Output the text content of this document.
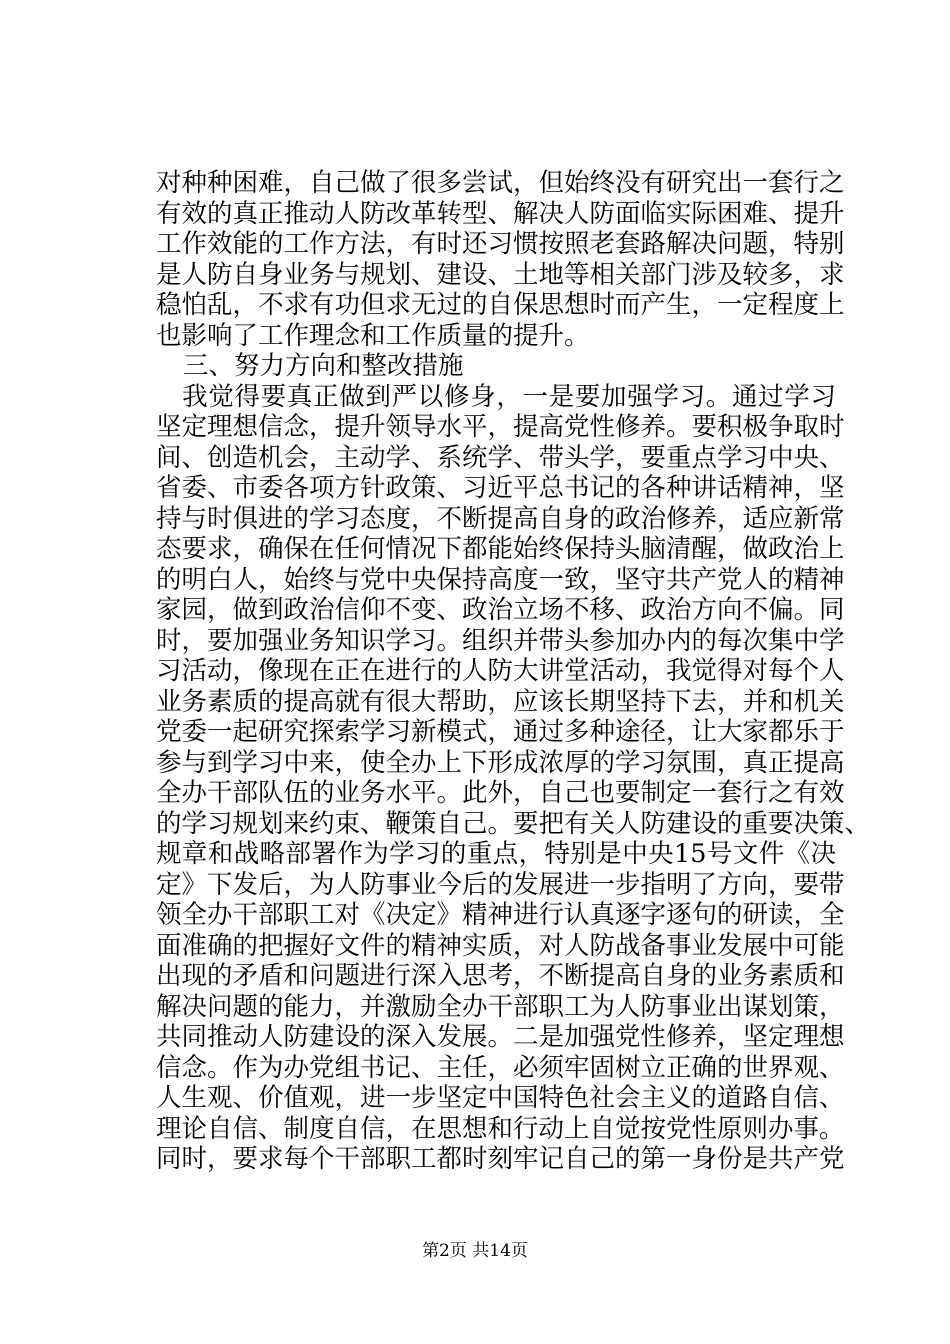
对种种困难，自己做了很多尝试，但始终没有研究出一套行之
有效的真正推动人防改革转型、解决人防面临实际困难、提升
工作效能的工作方法，有时还习惯按照老套路解决问题，特别
是人防自身业务与规划、建设、土地等相关部门涉及较多，求
稳怕乱，不求有功但求无过的自保思想时而产生，一定程度上
也影响了工作理念和工作质量的提升。
三、努力方向和整改措施
　我觉得要真正做到严以修身，一是要加强学习。通过学习
坚定理想信念，提升领导水平，提高党性修养。要积极争取时
间、创造机会，主动学、系统学、带头学，要重点学习中央、
省委、市委各项方针政策、习近平总书记的各种讲话精神，坚
持与时俱进的学习态度，不断提高自身的政治修养，适应新常
态要求，确保在任何情况下都能始终保持头脑清醒，做政治上
的明白人，始终与党中央保持高度一致，坚守共产党人的精神
家园，做到政治信仰不变、政治立场不移、政治方向不偏。同
时，要加强业务知识学习。组织并带头参加办内的每次集中学
习活动，像现在正在进行的人防大讲堂活动，我觉得对每个人
业务素质的提高就有很大帮助，应该长期坚持下去，并和机关
党委一起研究探索学习新模式，通过多种途径，让大家都乐于
参与到学习中来，使全办上下形成浓厚的学习氛围，真正提高
全办干部队伍的业务水平。此外，自己也要制定一套行之有效
的学习规划来约束、鞭策自己。要把有关人防建设的重要决策、
规章和战略部署作为学习的重点，特别是中央15号文件《决
定》下发后，为人防事业今后的发展进一步指明了方向，要带
领全办干部职工对《决定》精神进行认真逐字逐句的研读，全
面准确的把握好文件的精神实质，对人防战备事业发展中可能
出现的矛盾和问题进行深入思考，不断提高自身的业务素质和
解决问题的能力，并激励全办干部职工为人防事业出谋划策，
共同推动人防建设的深入发展。二是加强党性修养，坚定理想
信念。作为办党组书记、主任，必须牢固树立正确的世界观、
人生观、价值观，进一步坚定中国特色社会主义的道路自信、
理论自信、制度自信，在思想和行动上自觉按党性原则办事。
同时，要求每个干部职工都时刻牢记自己的第一身份是共产党
第2页 共14页
